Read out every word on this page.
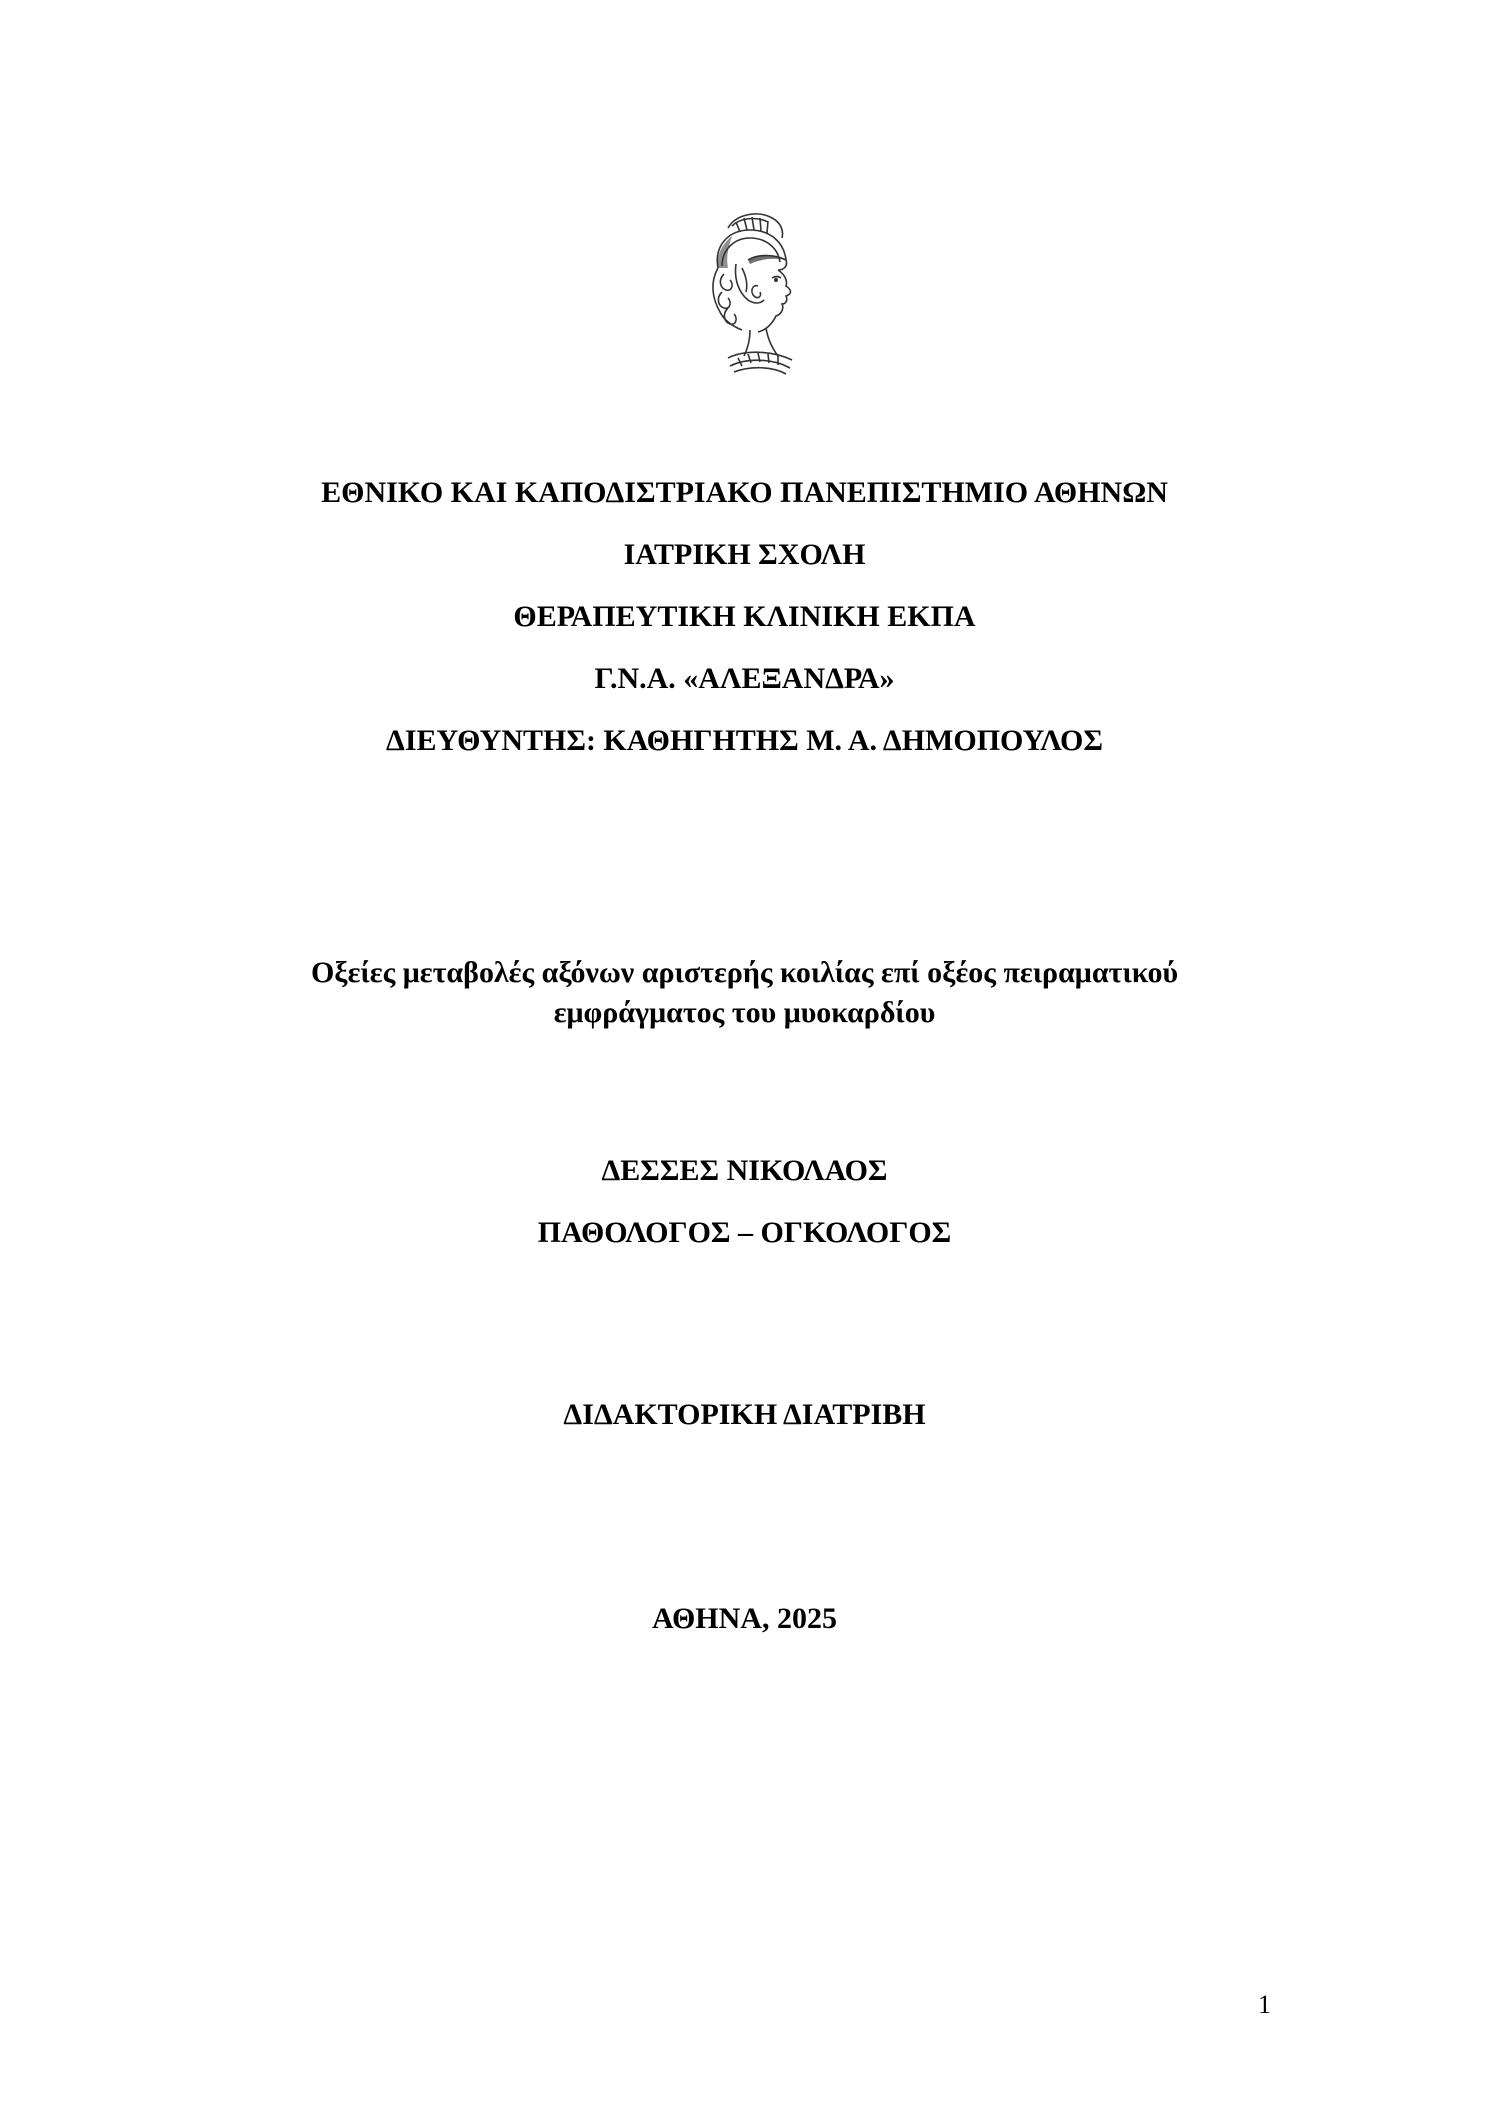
ΕΘΝΙΚΟ ΚΑΙ ΚΑΠΟΔΙΣΤΡΙΑΚΟ ΠΑΝΕΠΙΣΤΗΜΙΟ ΑΘΗΝΩΝ
ΙΑΤΡΙΚΗ ΣΧΟΛΗ
ΘΕΡΑΠΕΥΤΙΚΗ ΚΛΙΝΙΚΗ ΕΚΠΑ
Γ.Ν.Α. «ΑΛΕΞΑΝΔΡΑ»
ΔΙΕΥΘΥΝΤΗΣ: ΚΑΘΗΓΗΤΗΣ Μ. Α. ΔΗΜΟΠΟΥΛΟΣ
Οξείες μεταβολές αξόνων αριστερής κοιλίας επί οξέος πειραματικού
εμφράγματος του μυοκαρδίου
ΔΕΣΣΕΣ ΝΙΚΟΛΑΟΣ
ΠΑΘΟΛΟΓΟΣ – ΟΓΚΟΛΟΓΟΣ
ΔΙΔΑΚΤΟΡΙΚΗ ΔΙΑΤΡΙΒΗ
ΑΘΗΝΑ, 2025
1
